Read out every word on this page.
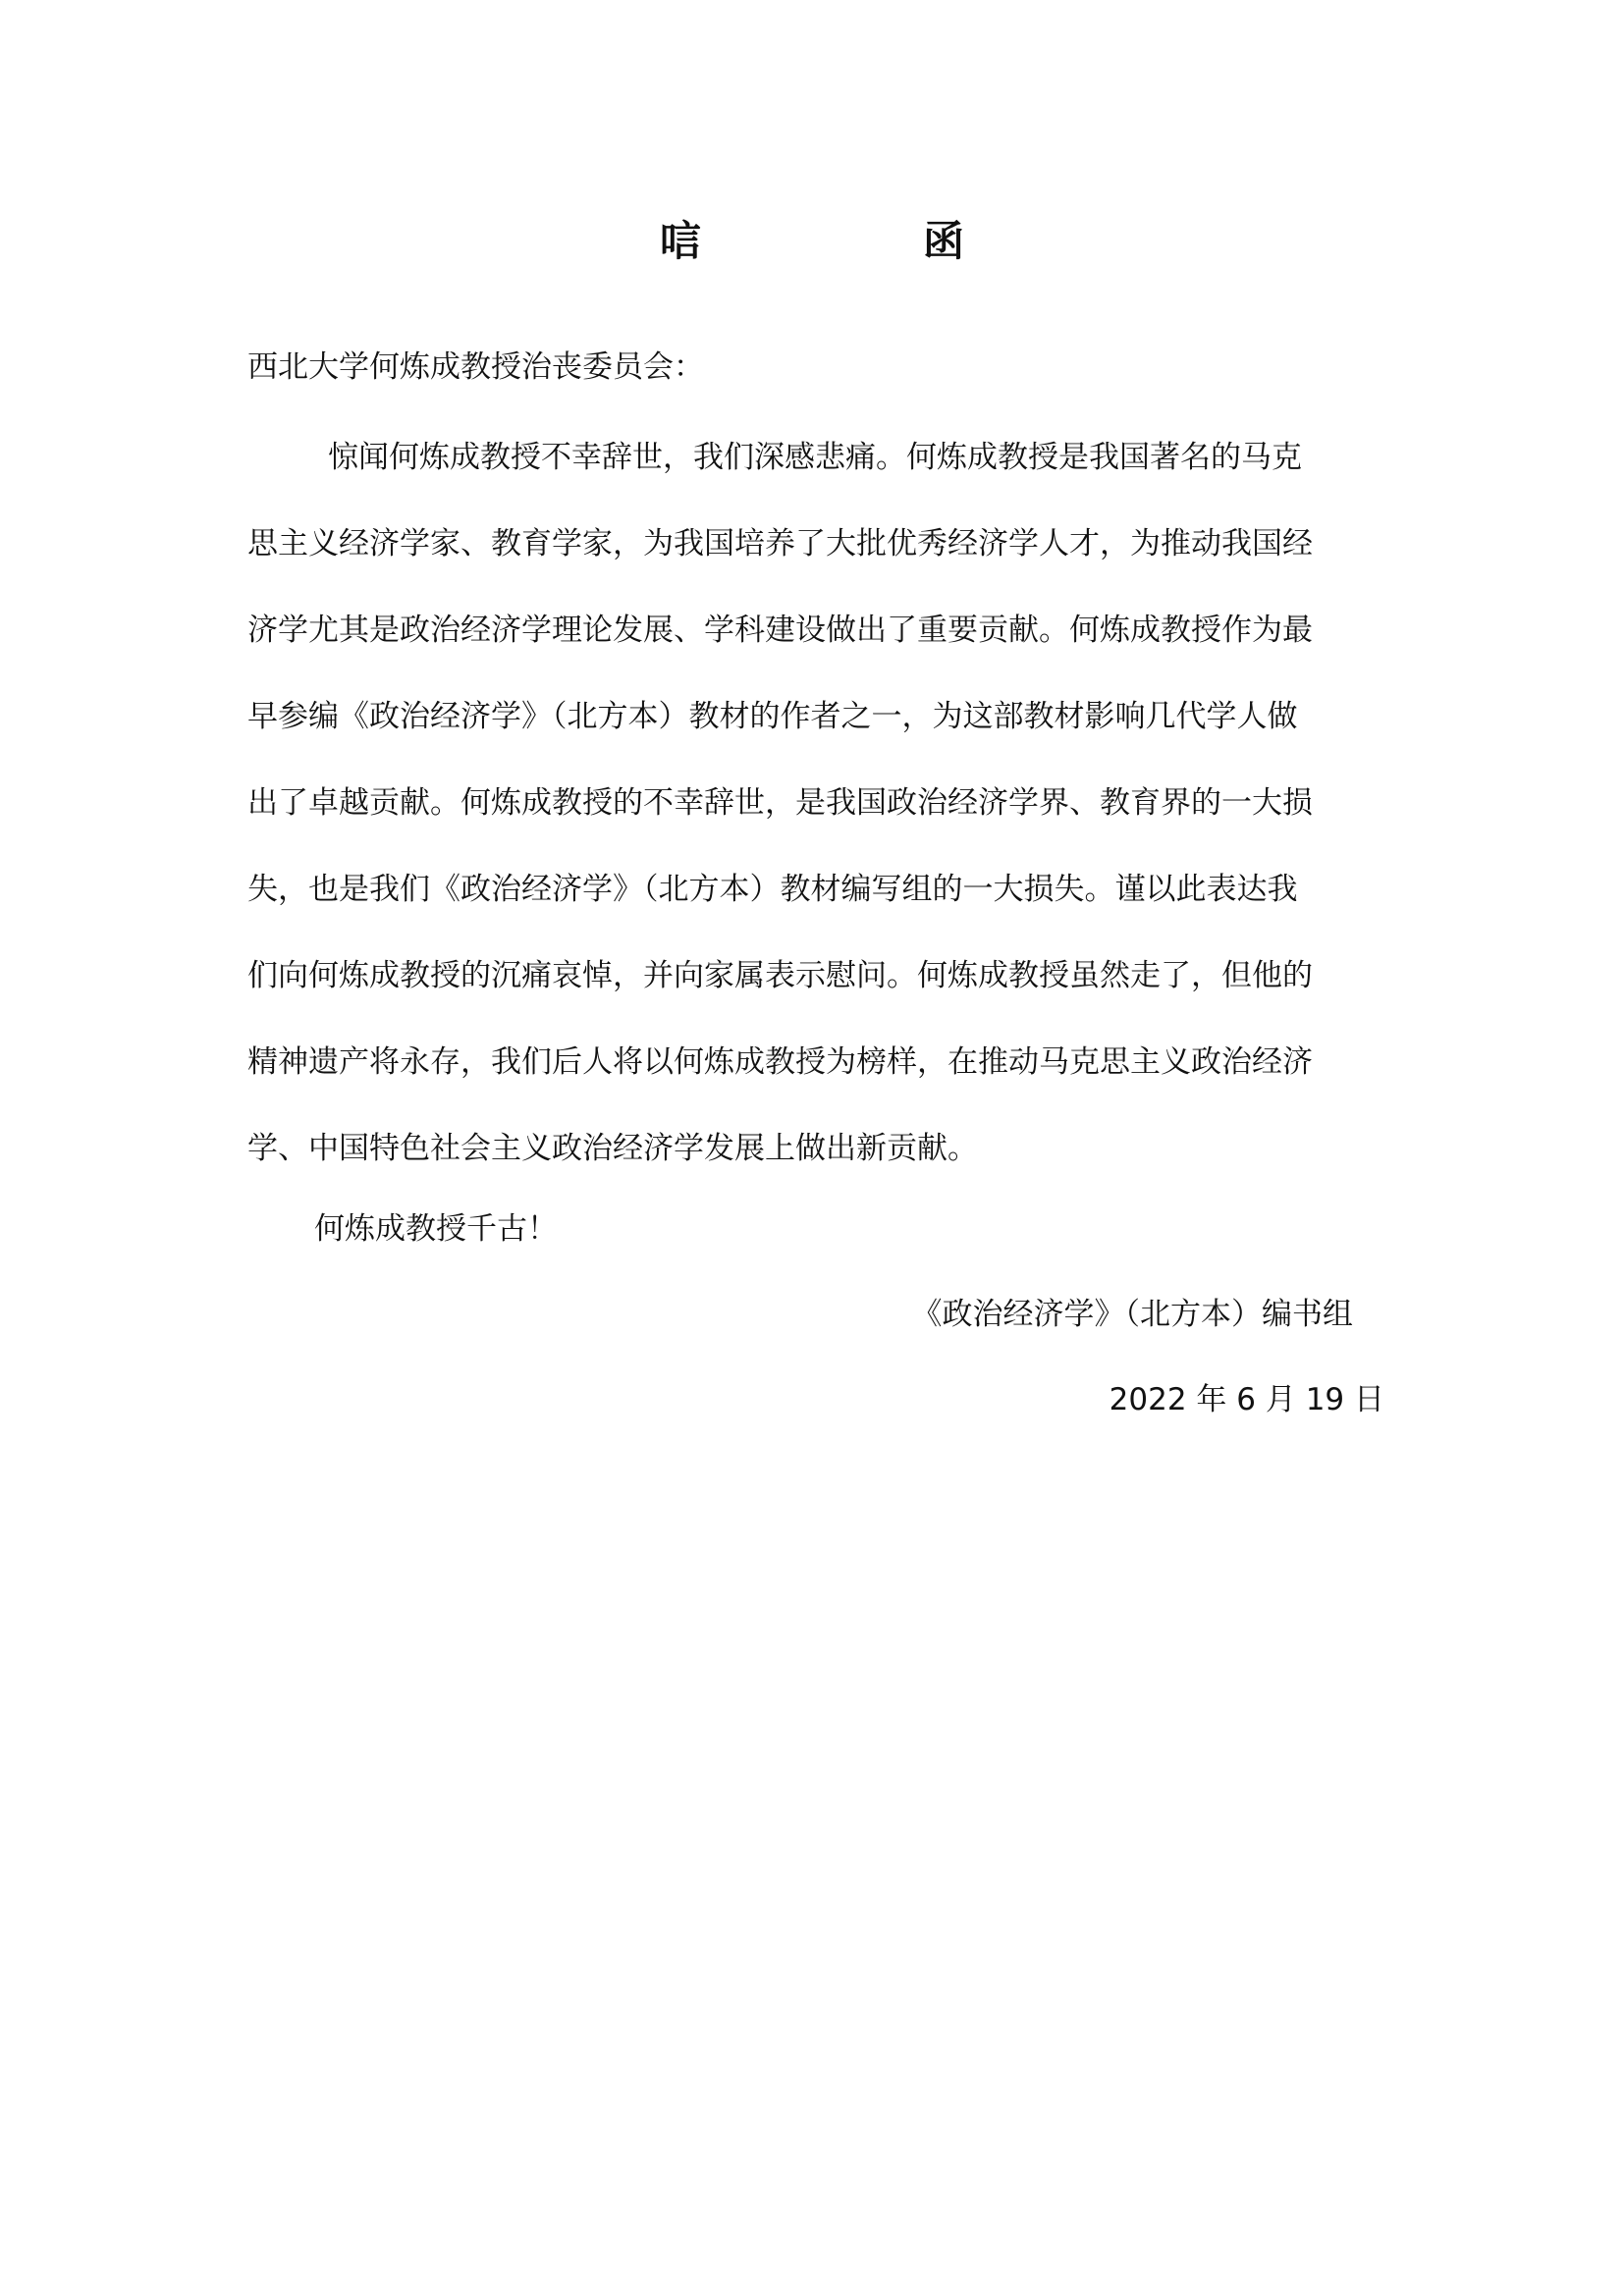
唁　函
西北大学何炼成教授治丧委员会：
惊闻何炼成教授不幸辞世，我们深感悲痛。何炼成教授是我国著名的马克
思主义经济学家、教育学家，为我国培养了大批优秀经济学人才，为推动我国经
济学尤其是政治经济学理论发展、学科建设做出了重要贡献。何炼成教授作为最
早参编《政治经济学》（北方本）教材的作者之一，为这部教材影响几代学人做
出了卓越贡献。何炼成教授的不幸辞世，是我国政治经济学界、教育界的一大损
失，也是我们《政治经济学》（北方本）教材编写组的一大损失。谨以此表达我
们向何炼成教授的沉痛哀悼，并向家属表示慰问。何炼成教授虽然走了，但他的
精神遗产将永存，我们后人将以何炼成教授为榜样，在推动马克思主义政治经济
学、中国特色社会主义政治经济学发展上做出新贡献。
何炼成教授千古！
《政治经济学》（北方本）编书组
2022 年 6 月 19 日
